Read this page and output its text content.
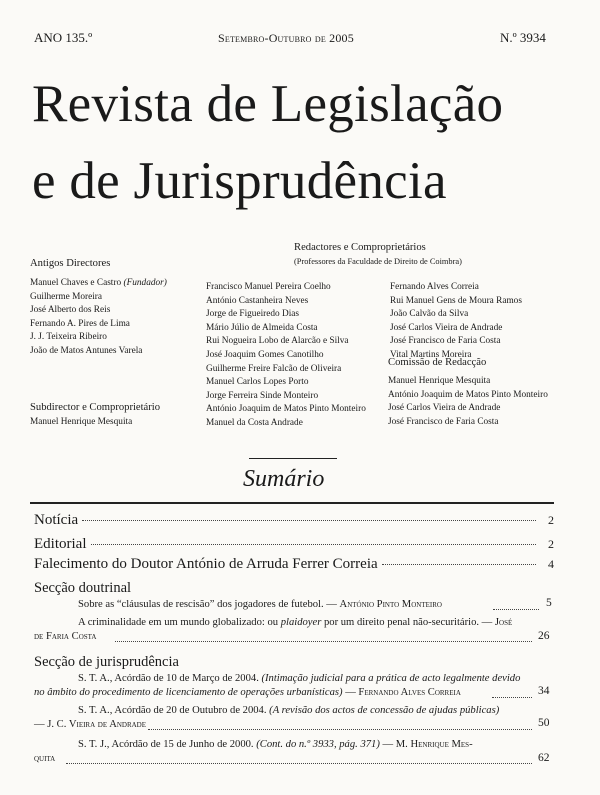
ANO 135.º	Setembro-Outubro de 2005	N.º 3934
Revista de Legislação
e de Jurisprudência
Antigos Directores
Manuel Chaves e Castro (Fundador)
Guilherme Moreira
José Alberto dos Reis
Fernando A. Pires de Lima
J. J. Teixeira Ribeiro
João de Matos Antunes Varela
Subdirector e Comproprietário
Manuel Henrique Mesquita
Redactores e Comproprietários
(Professores da Faculdade de Direito de Coimbra)
Francisco Manuel Pereira Coelho
António Castanheira Neves
Jorge de Figueiredo Dias
Mário Júlio de Almeida Costa
Rui Nogueira Lobo de Alarcão e Silva
José Joaquim Gomes Canotilho
Guilherme Freire Falcão de Oliveira
Manuel Carlos Lopes Porto
Jorge Ferreira Sinde Monteiro
António Joaquim de Matos Pinto Monteiro
Manuel da Costa Andrade
Fernando Alves Correia
Rui Manuel Gens de Moura Ramos
João Calvão da Silva
José Carlos Vieira de Andrade
José Francisco de Faria Costa
Vital Martins Moreira
Comissão de Redacção
Manuel Henrique Mesquita
António Joaquim de Matos Pinto Monteiro
José Carlos Vieira de Andrade
José Francisco de Faria Costa
Sumário
Notícia	2
Editorial	2
Falecimento do Doutor António de Arruda Ferrer Correia	4
Secção doutrinal
Sobre as “cláusulas de rescisão” dos jogadores de futebol. — António Pinto Monteiro	5
A criminalidade em um mundo globalizado: ou plaidoyer por um direito penal não-securitário. — José
de Faria Costa	26
Secção de jurisprudência
S. T. A., Acórdão de 10 de Março de 2004. (Intimação judicial para a prática de acto legalmente devido
no âmbito do procedimento de licenciamento de operações urbanísticas) — Fernando Alves Correia	34
S. T. A., Acórdão de 20 de Outubro de 2004. (A revisão dos actos de concessão de ajudas públicas)
— J. C. Vieira de Andrade	50
S. T. J., Acórdão de 15 de Junho de 2000. (Cont. do n.º 3933, pág. 371) — M. Henrique Mes-
quita	62
